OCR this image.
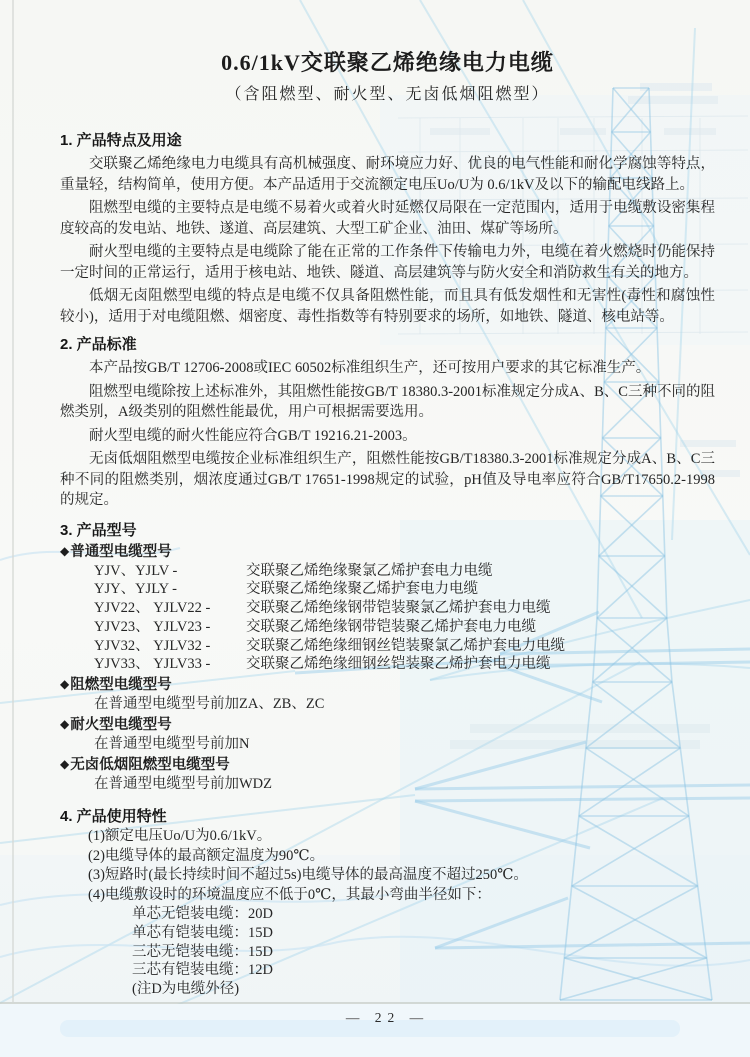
0.6/1kV交联聚乙烯绝缘电力电缆
（含阻燃型、耐火型、无卤低烟阻燃型）
1. 产品特点及用途

交联聚乙烯绝缘电力电缆具有高机械强度、耐环境应力好、优良的电气性能和耐化学腐蚀等特点，重量轻，结构简单，使用方便。本产品适用于交流额定电压Uo/U为 0.6/1kV及以下的输配电线路上。

阻燃型电缆的主要特点是电缆不易着火或着火时延燃仅局限在一定范围内，适用于电缆敷设密集程度较高的发电站、地铁、遂道、高层建筑、大型工矿企业、油田、煤矿等场所。

耐火型电缆的主要特点是电缆除了能在正常的工作条件下传输电力外，电缆在着火燃烧时仍能保持一定时间的正常运行，适用于核电站、地铁、隧道、高层建筑等与防火安全和消防救生有关的地方。

低烟无卤阻燃型电缆的特点是电缆不仅具备阻燃性能，而且具有低发烟性和无害性(毒性和腐蚀性较小)，适用于对电缆阻燃、烟密度、毒性指数等有特别要求的场所，如地铁、隧道、核电站等。

2. 产品标准

本产品按GB/T 12706-2008或IEC 60502标准组织生产，还可按用户要求的其它标准生产。

阻燃型电缆除按上述标准外，其阻燃性能按GB/T 18380.3-2001标准规定分成A、B、C三种不同的阻燃类别，A级类别的阻燃性能最优，用户可根据需要选用。

耐火型电缆的耐火性能应符合GB/T 19216.21-2003。

无卤低烟阻燃型电缆按企业标准组织生产，阻燃性能按GB/T18380.3-2001标准规定分成A、B、C三种不同的阻燃类别，烟浓度通过GB/T 17651-1998规定的试验，pH值及导电率应符合GB/T17650.2-1998的规定。

3. 产品型号
◆普通型电缆型号
YJV、YJLV -	交联聚乙烯绝缘聚氯乙烯护套电力电缆
YJY、YJLY -	交联聚乙烯绝缘聚乙烯护套电力电缆
YJV22、 YJLV22 - 交联聚乙烯绝缘钢带铠装聚氯乙烯护套电力电缆
YJV23、 YJLV23 - 交联聚乙烯绝缘钢带铠装聚乙烯护套电力电缆
YJV32、 YJLV32 - 交联聚乙烯绝缘细钢丝铠装聚氯乙烯护套电力电缆
YJV33、 YJLV33 - 交联聚乙烯绝缘细钢丝铠装聚乙烯护套电力电缆
◆阻燃型电缆型号
在普通型电缆型号前加ZA、ZB、ZC
◆耐火型电缆型号
在普通型电缆型号前加N
◆无卤低烟阻燃型电缆型号
在普通型电缆型号前加WDZ
4. 产品使用特性
(1)额定电压Uo/U为0.6/1kV。
(2)电缆导体的最高额定温度为90℃。
(3)短路时(最长持续时间不超过5s)电缆导体的最高温度不超过250℃。
(4)电缆敷设时的环境温度应不低于0℃，其最小弯曲半径如下：
单芯无铠装电缆：20D
单芯有铠装电缆：15D
三芯无铠装电缆：15D
三芯有铠装电缆：12D
(注D为电缆外径)
— 22 —
